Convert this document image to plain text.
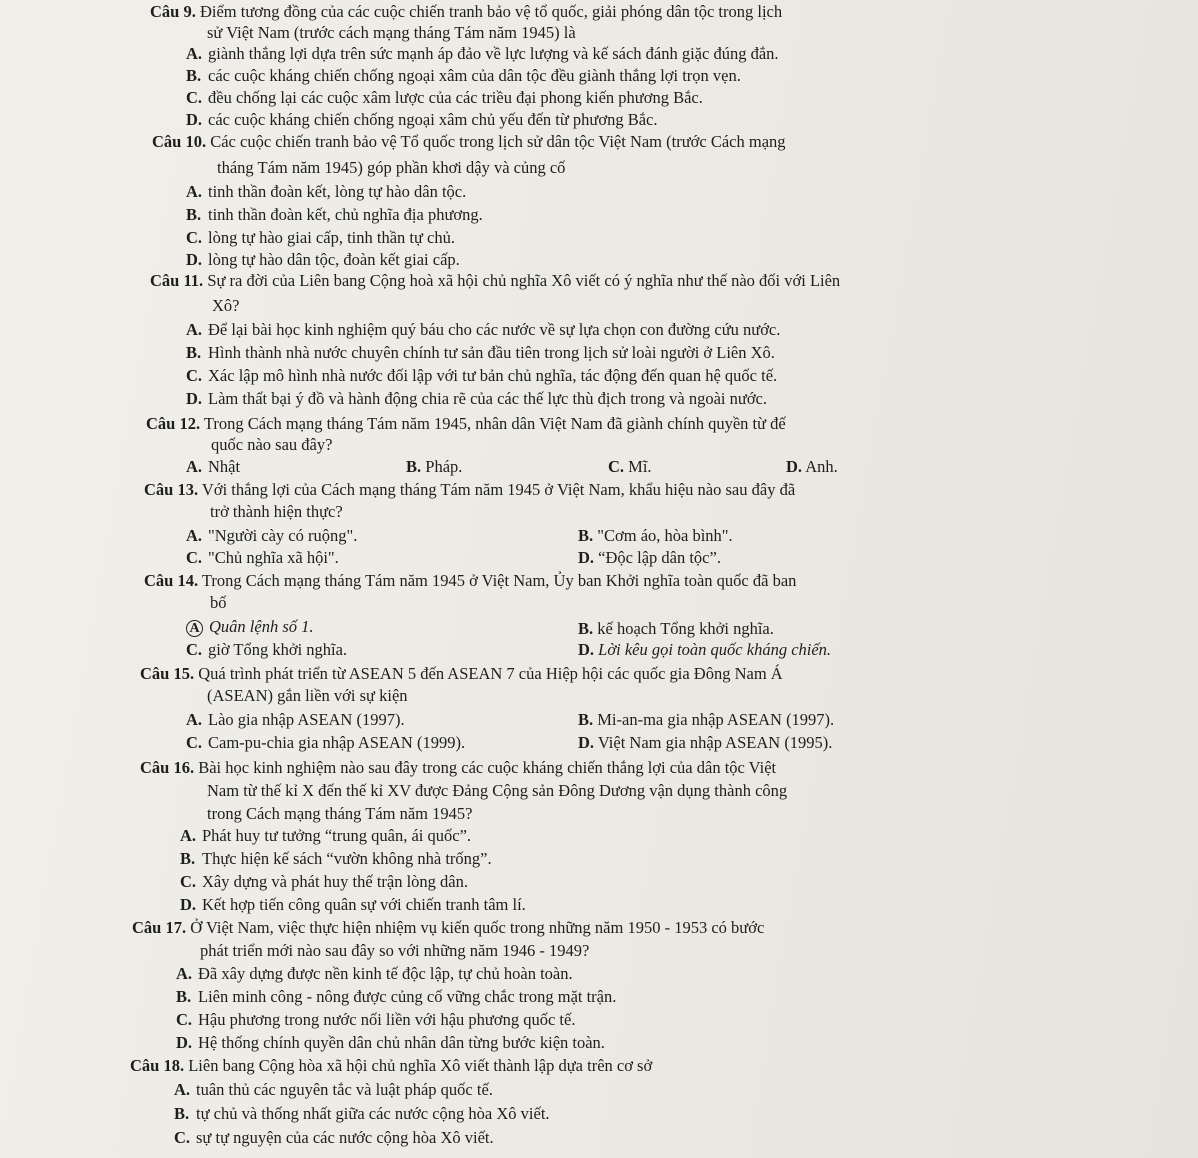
Câu 9. Điểm tương đồng của các cuộc chiến tranh bảo vệ tổ quốc, giải phóng dân tộc trong lịch
sử Việt Nam (trước cách mạng tháng Tám năm 1945) là
A. giành thắng lợi dựa trên sức mạnh áp đảo về lực lượng và kế sách đánh giặc đúng đắn.
B. các cuộc kháng chiến chống ngoại xâm của dân tộc đều giành thắng lợi trọn vẹn.
C. đều chống lại các cuộc xâm lược của các triều đại phong kiến phương Bắc.
D. các cuộc kháng chiến chống ngoại xâm chủ yếu đến từ phương Bắc.
Câu 10. Các cuộc chiến tranh bảo vệ Tổ quốc trong lịch sử dân tộc Việt Nam (trước Cách mạng
tháng Tám năm 1945) góp phần khơi dậy và củng cố
A. tinh thần đoàn kết, lòng tự hào dân tộc.
B. tinh thần đoàn kết, chủ nghĩa địa phương.
C. lòng tự hào giai cấp, tinh thần tự chủ.
D. lòng tự hào dân tộc, đoàn kết giai cấp.
Câu 11. Sự ra đời của Liên bang Cộng hoà xã hội chủ nghĩa Xô viết có ý nghĩa như thế nào đối với Liên
Xô?
A. Để lại bài học kinh nghiệm quý báu cho các nước về sự lựa chọn con đường cứu nước.
B. Hình thành nhà nước chuyên chính tư sản đầu tiên trong lịch sử loài người ở Liên Xô.
C. Xác lập mô hình nhà nước đối lập với tư bản chủ nghĩa, tác động đến quan hệ quốc tế.
D. Làm thất bại ý đồ và hành động chia rẽ của các thế lực thù địch trong và ngoài nước.
Câu 12. Trong Cách mạng tháng Tám năm 1945, nhân dân Việt Nam đã giành chính quyền từ đế
quốc nào sau đây?
A. Nhật	B. Pháp.	C. Mĩ.	D. Anh.
Câu 13. Với thắng lợi của Cách mạng tháng Tám năm 1945 ở Việt Nam, khẩu hiệu nào sau đây đã
trở thành hiện thực?
A. "Người cày có ruộng".	B. "Cơm áo, hòa bình".
C. "Chủ nghĩa xã hội".	D. “Độc lập dân tộc”.
Câu 14. Trong Cách mạng tháng Tám năm 1945 ở Việt Nam, Ủy ban Khởi nghĩa toàn quốc đã ban
bố
A Quân lệnh số 1.	B. kế hoạch Tổng khởi nghĩa.
C. giờ Tổng khởi nghĩa.	D. Lời kêu gọi toàn quốc kháng chiến.
Câu 15. Quá trình phát triển từ ASEAN 5 đến ASEAN 7 của Hiệp hội các quốc gia Đông Nam Á
(ASEAN) gắn liền với sự kiện
A. Lào gia nhập ASEAN (1997).	B. Mi-an-ma gia nhập ASEAN (1997).
C. Cam-pu-chia gia nhập ASEAN (1999).	D. Việt Nam gia nhập ASEAN (1995).
Câu 16. Bài học kinh nghiệm nào sau đây trong các cuộc kháng chiến thắng lợi của dân tộc Việt
Nam từ thế kỉ X đến thế kỉ XV được Đảng Cộng sản Đông Dương vận dụng thành công
trong Cách mạng tháng Tám năm 1945?
A. Phát huy tư tưởng “trung quân, ái quốc”.
B. Thực hiện kế sách “vườn không nhà trống”.
C. Xây dựng và phát huy thế trận lòng dân.
D. Kết hợp tiến công quân sự với chiến tranh tâm lí.
Câu 17. Ở Việt Nam, việc thực hiện nhiệm vụ kiến quốc trong những năm 1950 - 1953 có bước
phát triển mới nào sau đây so với những năm 1946 - 1949?
A. Đã xây dựng được nền kinh tế độc lập, tự chủ hoàn toàn.
B. Liên minh công - nông được củng cố vững chắc trong mặt trận.
C. Hậu phương trong nước nối liền với hậu phương quốc tế.
D. Hệ thống chính quyền dân chủ nhân dân từng bước kiện toàn.
Câu 18. Liên bang Cộng hòa xã hội chủ nghĩa Xô viết thành lập dựa trên cơ sở
A. tuân thủ các nguyên tắc và luật pháp quốc tế.
B. tự chủ và thống nhất giữa các nước cộng hòa Xô viết.
C. sự tự nguyện của các nước cộng hòa Xô viết.
